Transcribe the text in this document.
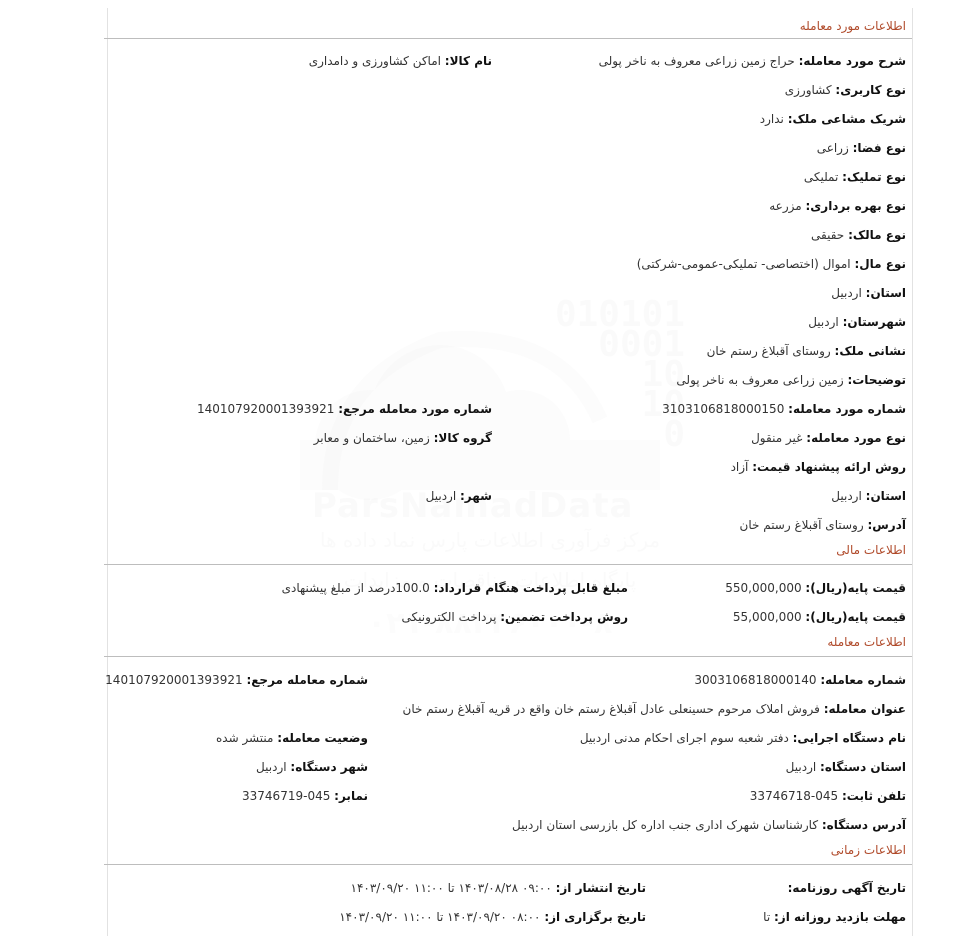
اطلاعات مورد معامله
شرح مورد معامله: حراج زمین زراعی معروف به ناخر پولی
نام کالا: اماکن کشاورزی و دامداری
نوع کاربری: کشاورزی
شریک مشاعی ملک: ندارد
نوع فضا: زراعی
نوع تملیک: تملیکی
نوع بهره برداری: مزرعه
نوع مالک: حقیقی
نوع مال: اموال (اختصاصی- تملیکی-عمومی-شرکتی)
استان: اردبیل
شهرستان: اردبیل
نشانی ملک: روستای آقبلاغ رستم خان
توضیحات: زمین زراعی معروف به ناخر پولی
شماره مورد معامله: 3103106818000150
شماره مورد معامله مرجع: 140107920001393921
نوع مورد معامله: غیر منقول
گروه کالا: زمین، ساختمان و معابر
روش ارائه پیشنهاد قیمت: آزاد
استان: اردبیل
شهر: اردبیل
آدرس: روستای آقبلاغ رستم خان
اطلاعات مالی
قیمت پایه(ریال): 550,000,000
مبلغ قابل پرداخت هنگام قرارداد: 100.0درصد از مبلغ پیشنهادی
قیمت پایه(ریال): 55,000,000
روش پرداخت تضمین: پرداخت الکترونیکی
اطلاعات معامله
شماره معامله: 3003106818000140
شماره معامله مرجع: 140107920001393921
عنوان معامله: فروش املاک مرحوم حسینعلی عادل آقبلاغ رستم خان واقع در قریه آقبلاغ رستم خان
نام دستگاه اجرایی: دفتر شعبه سوم اجرای احکام مدنی اردبیل
وضعیت معامله: منتشر شده
استان دستگاه: اردبیل
شهر دستگاه: اردبیل
تلفن ثابت: 045-33746718
نمابر: 045-33746719
آدرس دستگاه: کارشناسان شهرک اداری جنب اداره کل بازرسی استان اردبیل
اطلاعات زمانی
تاریخ آگهی روزنامه:
تاریخ انتشار از: ۰۹:۰۰ ۱۴۰۳/۰۸/۲۸ تا ۱۱:۰۰ ۱۴۰۳/۰۹/۲۰
مهلت بازدید روزانه از: تا
تاریخ برگزاری از: ۰۸:۰۰ ۱۴۰۳/۰۹/۲۰ تا ۱۱:۰۰ ۱۴۰۳/۰۹/۲۰
